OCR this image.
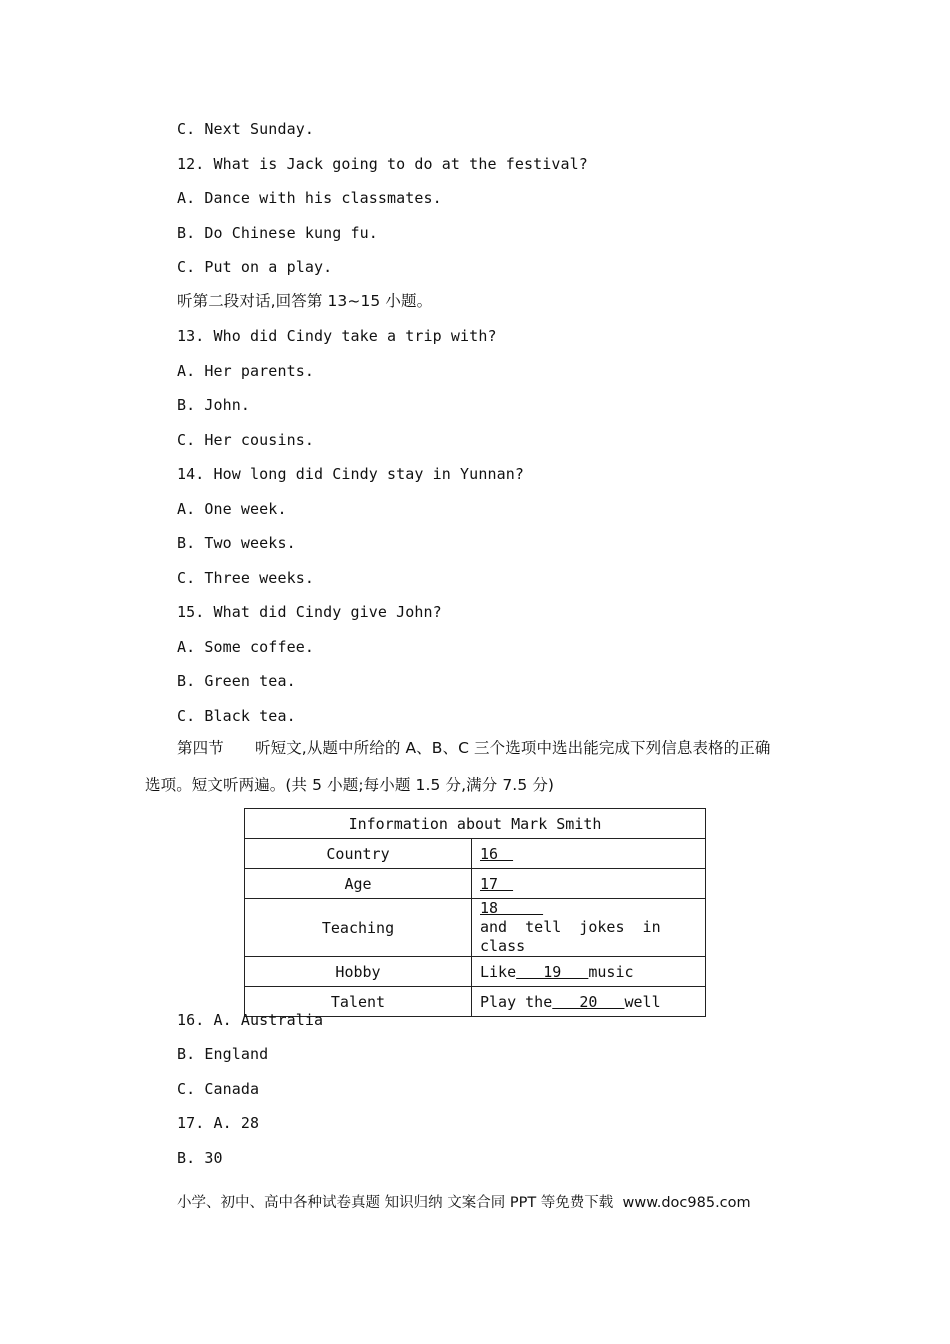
C. Next Sunday.
12. What is Jack going to do at the festival?
A. Dance with his classmates.
B. Do Chinese kung fu.
C. Put on a play.
听第二段对话,回答第 13~15 小题。
13. Who did Cindy take a trip with?
A. Her parents.
B. John.
C. Her cousins.
14. How long did Cindy stay in Yunnan?
A. One week.
B. Two weeks.
C. Three weeks.
15. What did Cindy give John?
A. Some coffee.
B. Green tea.
C. Black tea.
第四节　　听短文,从题中所给的 A、B、C 三个选项中选出能完成下列信息表格的正确
选项。短文听两遍。(共 5 小题;每小题 1.5 分,满分 7.5 分)
Information about Mark Smith	
Country	16　
Age	17　
Teaching	18　　　and  tell  jokes  in
class
Hobby	Like   19   music
Talent	Play the   20   well
16. A. Australia
B. England
C. Canada
17. A. 28
B. 30
小学、初中、高中各种试卷真题 知识归纳 文案合同 PPT 等免费下载  www.doc985.com
